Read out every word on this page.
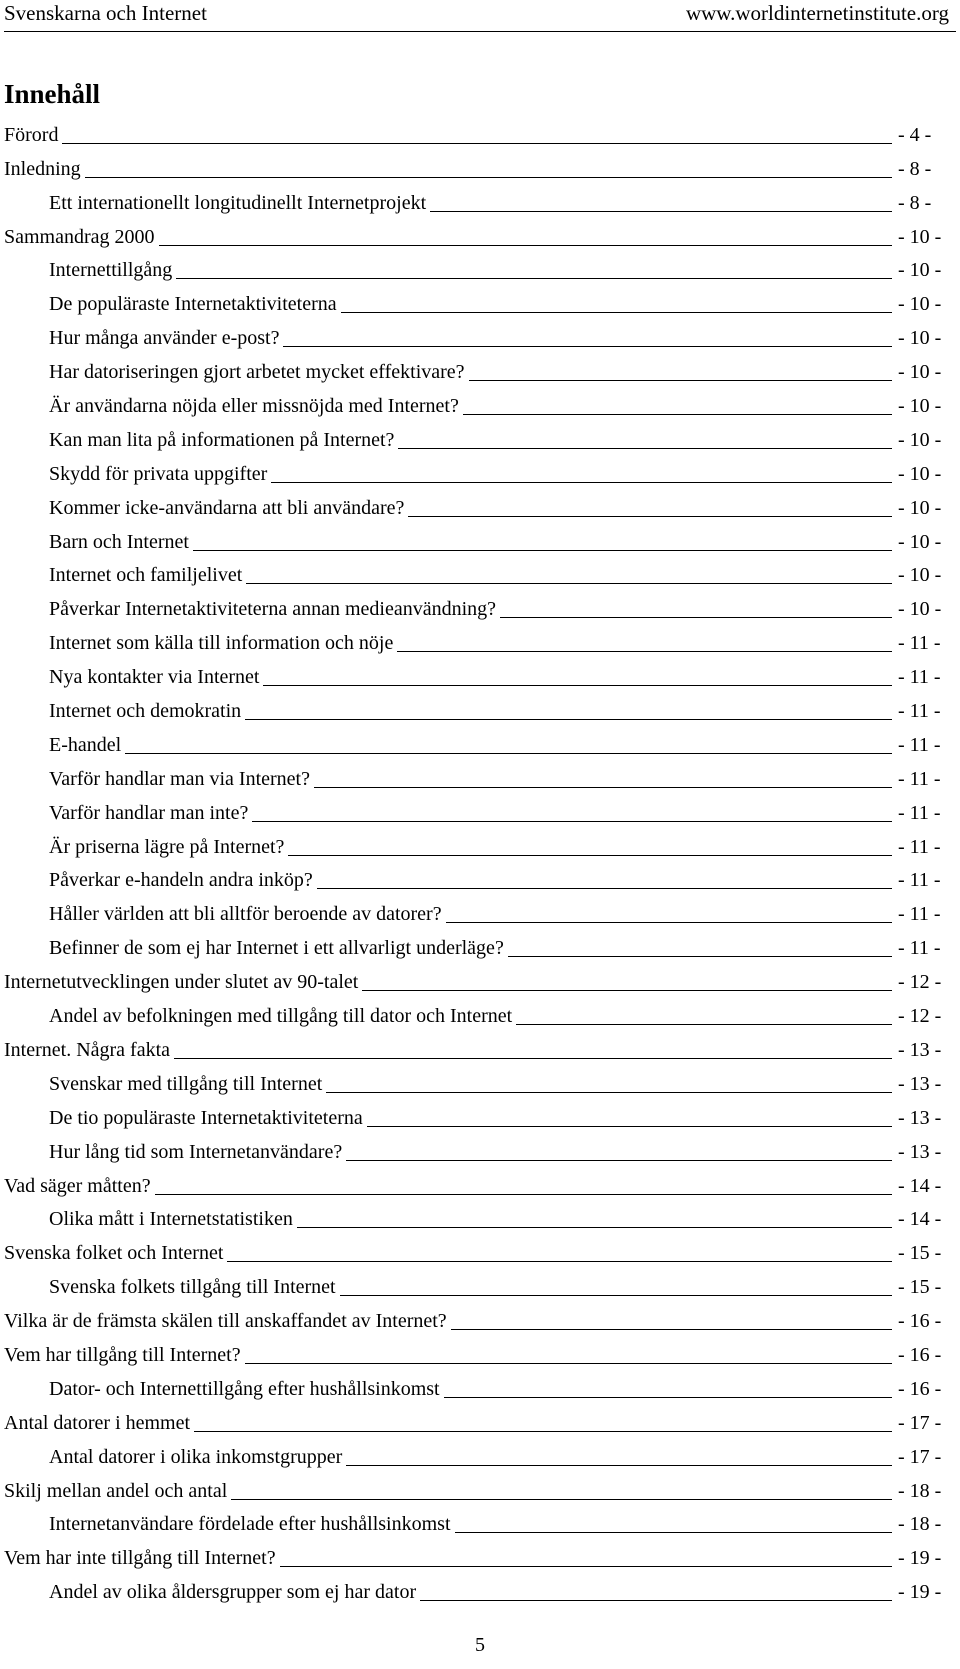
Svenskarna och Internet	www.worldinternetinstitute.org
Innehåll
Förord	- 4 -
Inledning	- 8 -
Ett internationellt longitudinellt Internetprojekt	- 8 -
Sammandrag 2000	- 10 -
Internettillgång	- 10 -
De populäraste Internetaktiviteterna	- 10 -
Hur många använder e-post?	- 10 -
Har datoriseringen gjort arbetet mycket effektivare?	- 10 -
Är användarna nöjda eller missnöjda med Internet?	- 10 -
Kan man lita på informationen på Internet?	- 10 -
Skydd för privata uppgifter	- 10 -
Kommer icke-användarna att bli användare?	- 10 -
Barn och Internet	- 10 -
Internet och familjelivet	- 10 -
Påverkar Internetaktiviteterna annan medieanvändning?	- 10 -
Internet som källa till information och nöje	- 11 -
Nya kontakter via Internet	- 11 -
Internet och demokratin	- 11 -
E-handel	- 11 -
Varför handlar man via Internet?	- 11 -
Varför handlar man inte?	- 11 -
Är priserna lägre på Internet?	- 11 -
Påverkar e-handeln andra inköp?	- 11 -
Håller världen att bli alltför beroende av datorer?	- 11 -
Befinner de som ej har Internet i ett allvarligt underläge?	- 11 -
Internetutvecklingen under slutet av 90-talet	- 12 -
Andel av befolkningen med tillgång till dator och Internet	- 12 -
Internet. Några fakta	- 13 -
Svenskar med tillgång till Internet	- 13 -
De tio populäraste Internetaktiviteterna	- 13 -
Hur lång tid som Internetanvändare?	- 13 -
Vad säger måtten?	- 14 -
Olika mått i Internetstatistiken	- 14 -
Svenska folket och Internet	- 15 -
Svenska folkets tillgång till Internet	- 15 -
Vilka är de främsta skälen till anskaffandet av Internet?	- 16 -
Vem har tillgång till Internet?	- 16 -
Dator- och Internettillgång efter hushållsinkomst	- 16 -
Antal datorer i hemmet	- 17 -
Antal datorer i olika inkomstgrupper	- 17 -
Skilj mellan andel och antal	- 18 -
Internetanvändare fördelade efter hushållsinkomst	- 18 -
Vem har inte tillgång till Internet?	- 19 -
Andel av olika åldersgrupper som ej har dator	- 19 -
5
